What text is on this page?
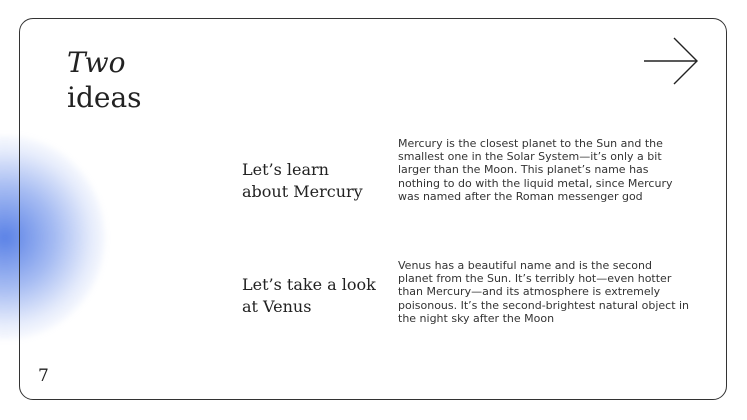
Two
ideas
Let’s learn about Mercury

Mercury is the closest planet to the Sun and the smallest one in the Solar System—it’s only a bit larger than the Moon. This planet’s name has nothing to do with the liquid metal, since Mercury was named after the Roman messenger god

Let’s take a look at Venus

Venus has a beautiful name and is the second planet from the Sun. It’s terribly hot—even hotter than Mercury—and its atmosphere is extremely poisonous. It’s the second-brightest natural object in the night sky after the Moon

7
